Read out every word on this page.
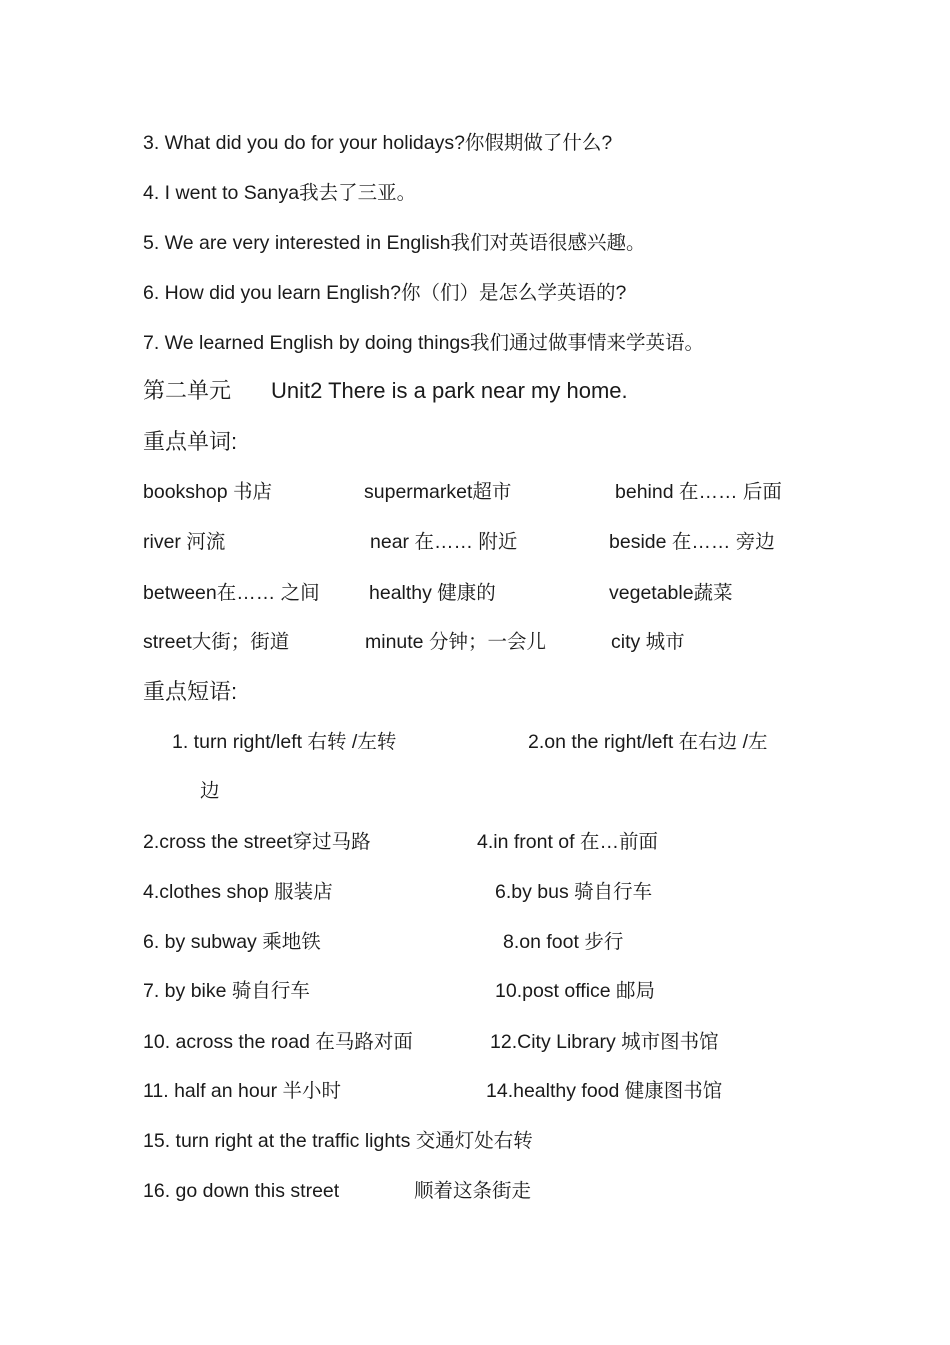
3. What did you do for your holidays?你假期做了什么?
4. I went to Sanya我去了三亚。
5. We are very interested in English我们对英语很感兴趣。
6. How did you learn English?你（们）是怎么学英语的?
7. We learned English by doing things我们通过做事情来学英语。
第二单元 Unit2 There is a park near my home.
重点单词:
bookshop 书店	supermarket超市	behind 在…… 后面
river 河流	near 在…… 附近	beside 在…… 旁边
between在…… 之间	healthy 健康的	vegetable蔬菜
street大街；街道	minute 分钟；一会儿	city 城市
重点短语:
1. turn right/left 右转 /左转	2.on the right/left 在右边 /左
边
2.cross the street穿过马路	4.in front of 在…前面
4.clothes shop 服装店	6.by bus 骑自行车
6. by subway 乘地铁	8.on foot 步行
7. by bike 骑自行车	10.post office 邮局
10. across the road 在马路对面	12.City Library 城市图书馆
11. half an hour 半小时	14.healthy food 健康图书馆
15. turn right at the traffic lights 交通灯处右转
16. go down this street	顺着这条街走
